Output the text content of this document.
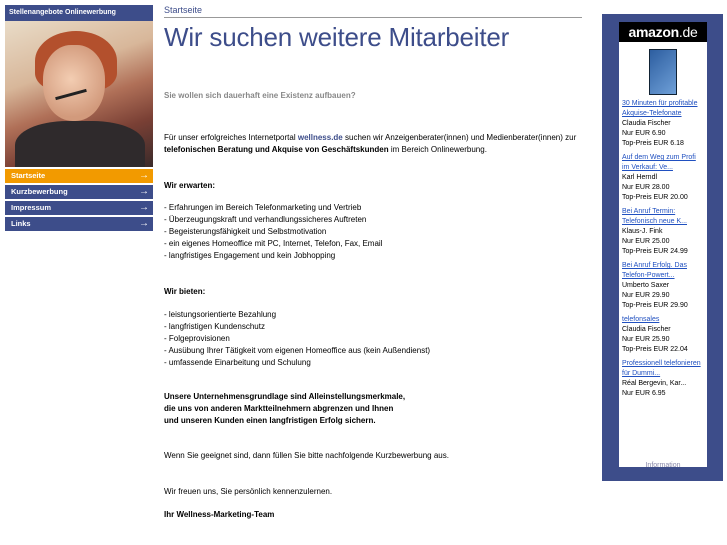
Stellenangebote Onlinewerbung
Startseite	→
Kurzbewerbung	→
Impressum	→
Links	→
Startseite
Wir suchen weitere Mitarbeiter
Sie wollen sich dauerhaft eine Existenz aufbauen?
Für unser erfolgreiches Internetportal wellness.de suchen wir Anzeigenberater(innen) und Medienberater(innen) zur
telefonischen Beratung und Akquise von Geschäftskunden im Bereich Onlinewerbung.
Wir erwarten:
- Erfahrungen im Bereich Telefonmarketing und Vertrieb
- Überzeugungskraft und verhandlungssicheres Auftreten
- Begeisterungsfähigkeit und Selbstmotivation
- ein eigenes Homeoffice mit PC, Internet, Telefon, Fax, Email
- langfristiges Engagement und kein Jobhopping
Wir bieten:
- leistungsorientierte Bezahlung
- langfristigen Kundenschutz
- Folgeprovisionen
- Ausübung Ihrer Tätigkeit vom eigenen Homeoffice aus (kein Außendienst)
- umfassende Einarbeitung und Schulung
Unsere Unternehmensgrundlage sind Alleinstellungsmerkmale,
die uns von anderen Marktteilnehmern abgrenzen und Ihnen
und unseren Kunden einen langfristigen Erfolg sichern.
Wenn Sie geeignet sind, dann füllen Sie bitte nachfolgende Kurzbewerbung aus.
Wir freuen uns, Sie persönlich kennenzulernen.
Ihr Wellness-Marketing-Team
amazon.de
30 Minuten für profitable Akquise-Telefonate
Claudia Fischer
Nur EUR 6.90
Top-Preis EUR 6.18
Auf dem Weg zum Profi im Verkauf: Ve...
Karl Herndl
Nur EUR 28.00
Top-Preis EUR 20.00
Bei Anruf Termin: Telefonisch neue K...
Klaus-J. Fink
Nur EUR 25.00
Top-Preis EUR 24.99
Bei Anruf Erfolg. Das Telefon-Powert...
Umberto Saxer
Nur EUR 29.90
Top-Preis EUR 29.90
telefonsales
Claudia Fischer
Nur EUR 25.90
Top-Preis EUR 22.04
Professionell telefonieren für Dummi...
Réal Bergevin, Kar...
Nur EUR 6.95
Information
